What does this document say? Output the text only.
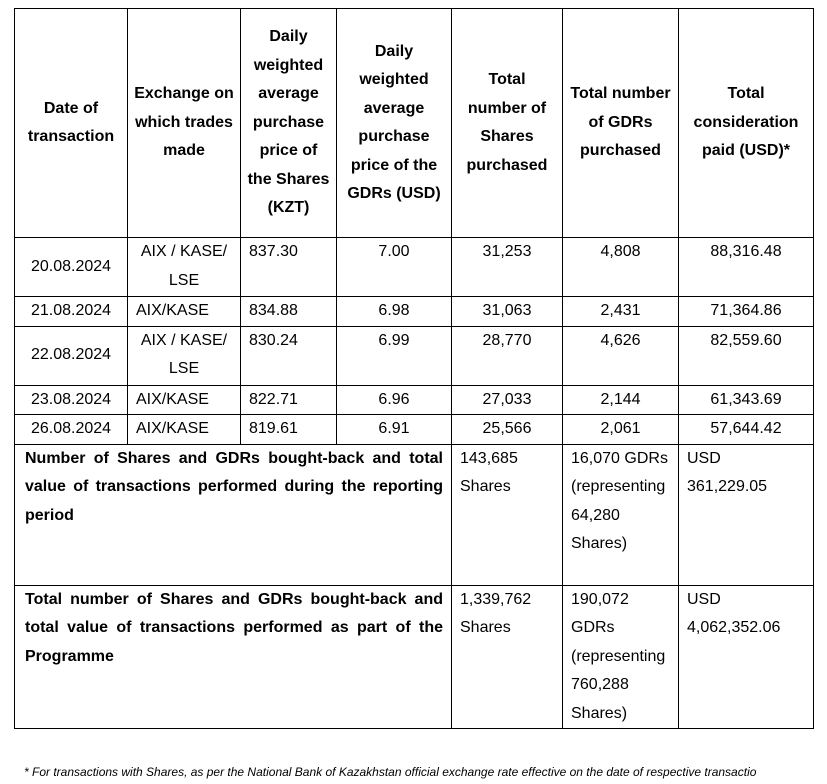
Date of transaction	Exchange on which trades made	Daily weighted average purchase price of the Shares (KZT)	Daily weighted average purchase price of the GDRs (USD)	Total number of Shares purchased	Total number of GDRs purchased	Total consideration paid (USD)*
20.08.2024	AIX / KASE/ LSE	837.30	7.00	31,253	4,808	88,316.48
21.08.2024	AIX/KASE	834.88	6.98	31,063	2,431	71,364.86
22.08.2024	AIX / KASE/ LSE	830.24	6.99	28,770	4,626	82,559.60
23.08.2024	AIX/KASE	822.71	6.96	27,033	2,144	61,343.69
26.08.2024	AIX/KASE	819.61	6.91	25,566	2,061	57,644.42
Number of Shares and GDRs bought-back and total value of transactions performed during the reporting period				143,685 Shares	16,070 GDRs (representing 64,280 Shares)	USD 361,229.05
Total number of Shares and GDRs bought-back and total value of transactions performed as part of the Programme				1,339,762 Shares	190,072 GDRs (representing 760,288 Shares)	USD 4,062,352.06
* For transactions with Shares, as per the National Bank of Kazakhstan official exchange rate effective on the date of respective transactio
